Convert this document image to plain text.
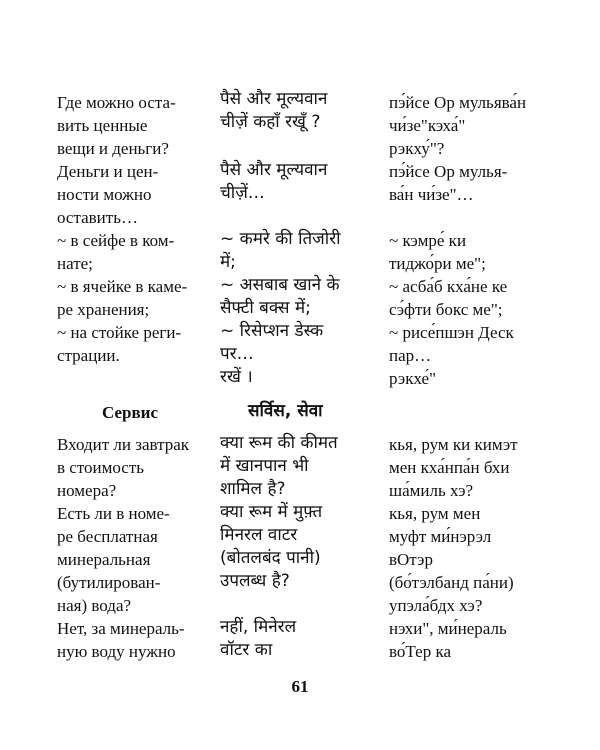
Где можно оста-
вить ценные
вещи и деньги?
Деньги и цен-
ности можно
оставить…
~ в сейфе в ком-
нате;
~ в ячейке в каме-
ре хранения;
~ на стойке реги-
страции.
Сервис
Входит ли завтрак
в стоимость
номера?
Есть ли в номе-
ре бесплатная
минеральная
(бутилирован-
ная) вода?
Нет, за минераль-
ную воду нужно
पैसे और मूल्यवान
चीज़ें कहाँ रखूँ ?
पैसे और मूल्यवान
चीज़ें…
~ कमरे की तिजोरी
में;
~ असबाब खाने के
सैफ्टी बक्स में;
~ रिसेप्शन डेस्क
पर…
रखें ।
सर्विस, सेवा
क्या रूम की कीमत
में खानपान भी
शामिल है?
क्या रूम में मुफ़्त
मिनरल वाटर
(बोतलबंद पानी)
उपलब्ध है?
नहीं, मिनेरल
वॉटर का
пэ́йсе Ор мульява́н
чи́зе"кэха́"
рэкху́"?
пэ́йсе Ор мулья-
ва́н чи́зе"…
~ кэмре́ ки
тиджо́ри ме";
~ асба́б кха́не ке
сэ́фти бокс ме";
~ рисе́пшэн Деск
пар…
рэкхе́"
кья, рум ки кимэт
мен кха́нпа́н бхи
ша́миль хэ?
кья, рум мен
муфт ми́нэрэл
вОтэр
(бо́тэлбанд па́ни)
упэла́бдх хэ?
нэхи", ми́нераль
во́Тер ка
61
